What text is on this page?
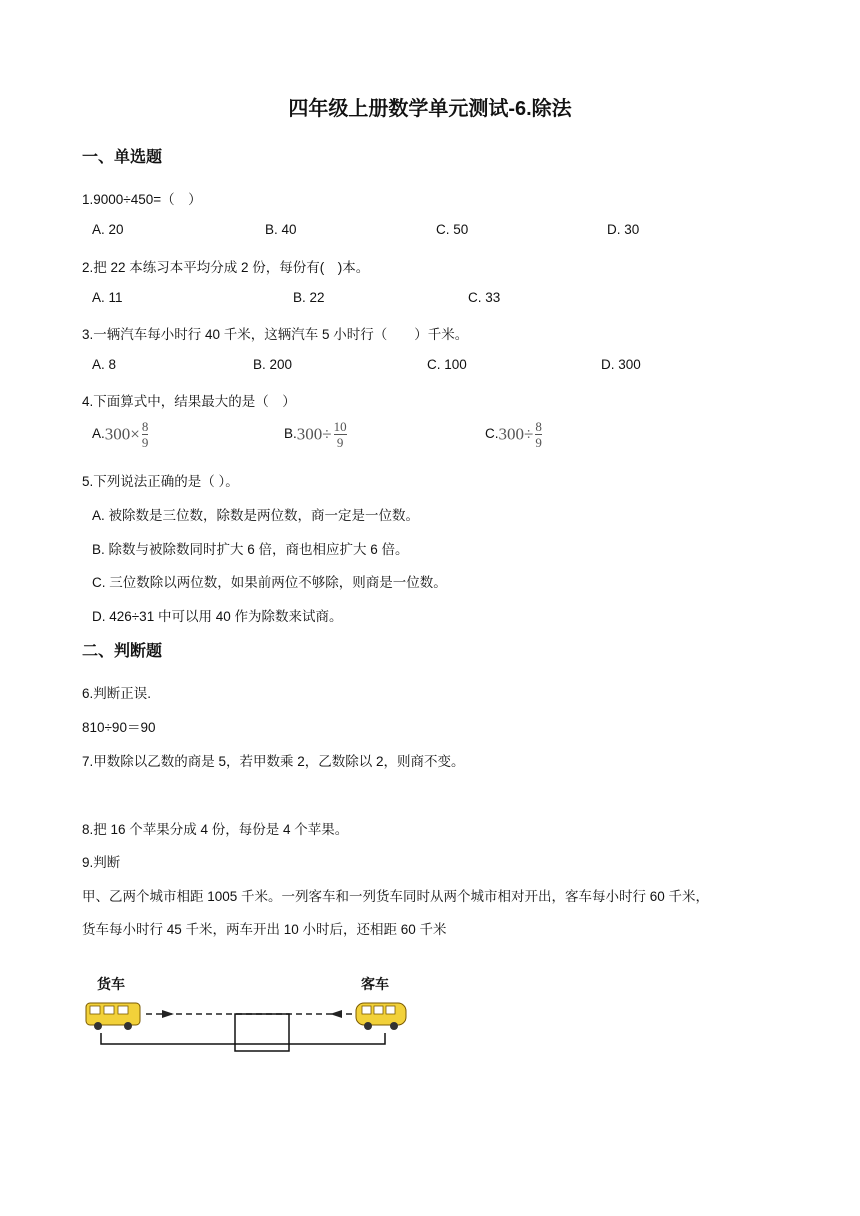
四年级上册数学单元测试-6.除法
一、单选题
1.9000÷450=（　）
A. 20	B. 40	C. 50	D. 30
2.把 22 本练习本平均分成 2 份，每份有(　)本。
A. 11	B. 22	C. 33
3.一辆汽车每小时行 40 千米，这辆汽车 5 小时行（　　）千米。
A. 8	B. 200	C. 100	D. 300
4.下面算式中，结果最大的是（　）
$A.300\times \frac{8}{9}$	$B.300\div \frac{10}{9}$	$C.300\div \frac{8}{9}$
5.下列说法正确的是（ ）。
A. 被除数是三位数，除数是两位数，商一定是一位数。
B. 除数与被除数同时扩大 6 倍，商也相应扩大 6 倍。
C. 三位数除以两位数，如果前两位不够除，则商是一位数。
D. 426÷31 中可以用 40 作为除数来试商。
二、判断题
6.判断正误.
810÷90＝90
7.甲数除以乙数的商是 5，若甲数乘 2，乙数除以 2，则商不变。
8.把 16 个苹果分成 4 份，每份是 4 个苹果。
9.判断
甲、乙两个城市相距 1005 千米。一列客车和一列货车同时从两个城市相对开出，客车每小时行 60 千米，
货车每小时行 45 千米，两车开出 10 小时后，还相距 60 千米
货车	客车
